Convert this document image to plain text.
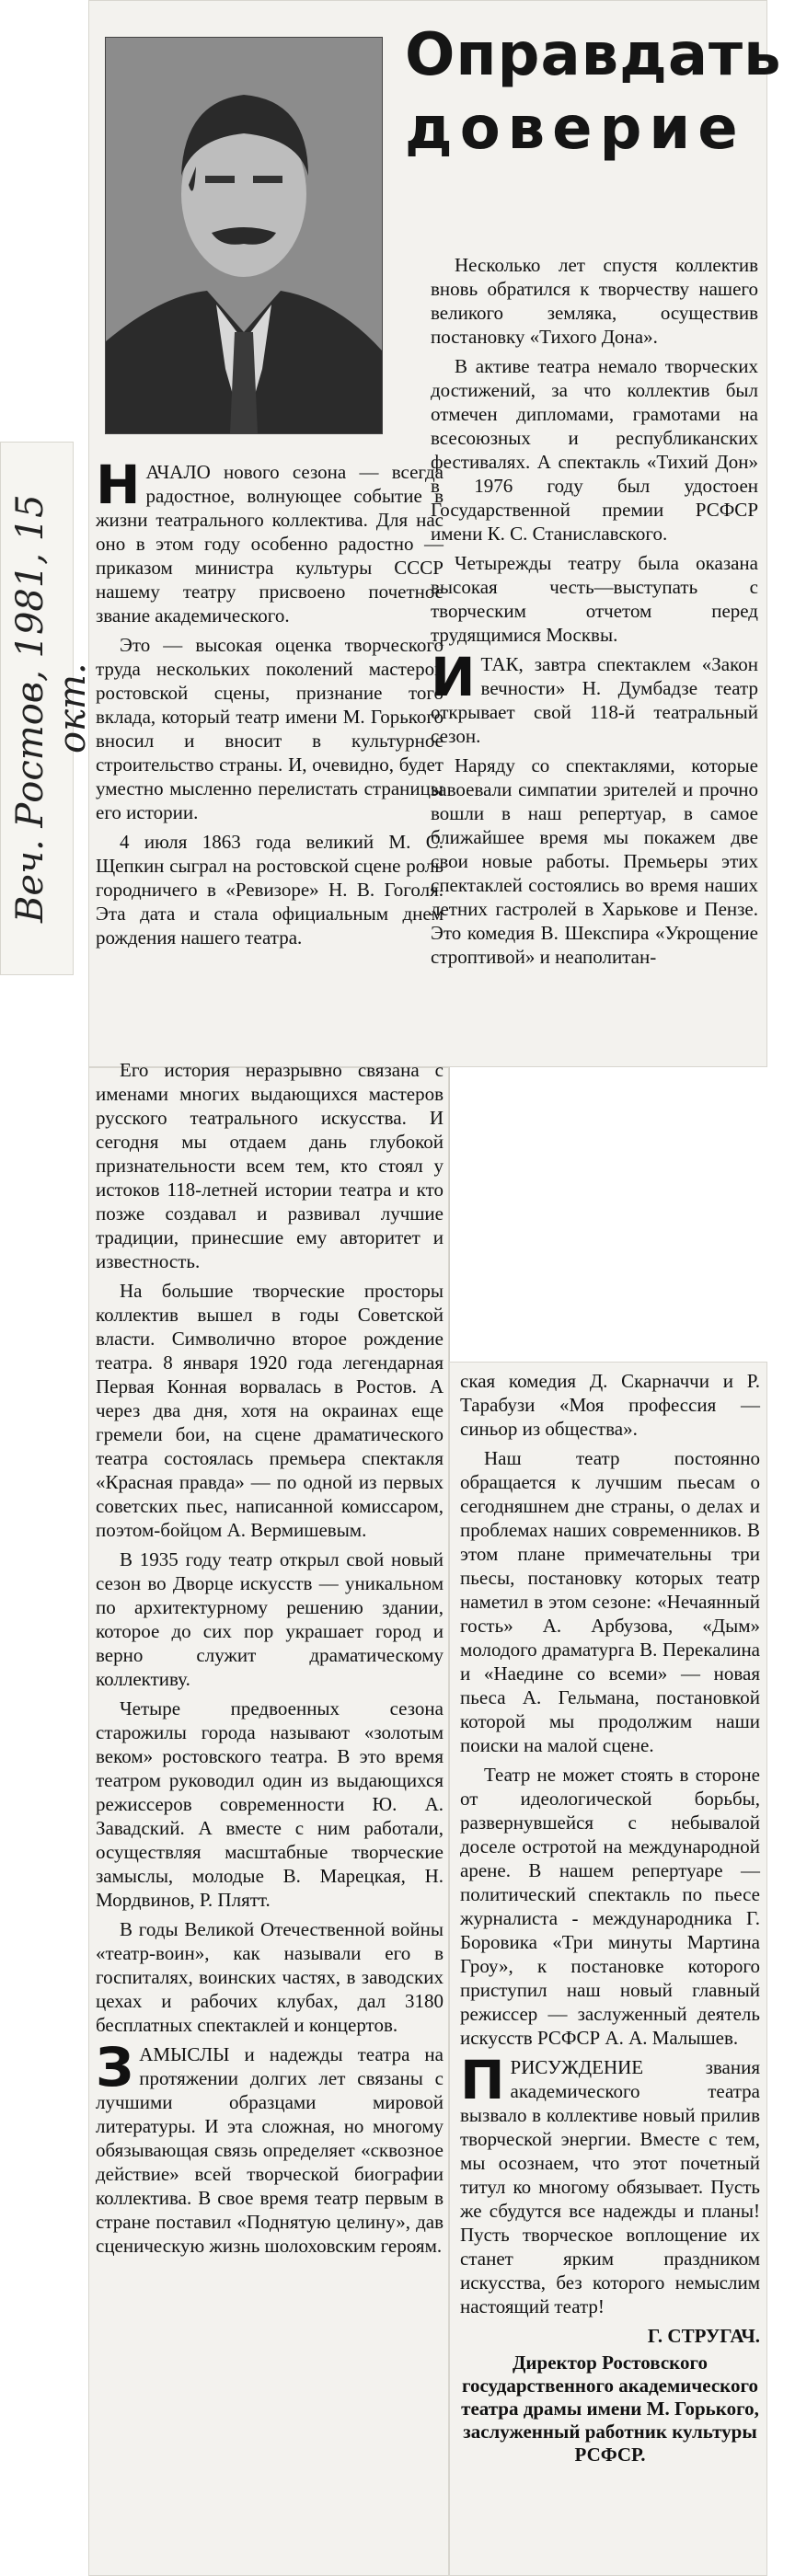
Веч. Ростов, 1981, 15 окт.
Оправдать
доверие

НАЧАЛО нового сезона — всегда радостное, волнующее событие в жизни театрального коллектива. Для нас оно в этом году особенно радостно — приказом министра культуры СССР нашему театру присвоено почетное звание академического.

Это — высокая оценка творческого труда нескольких поколений мастеров ростовской сцены, признание того вклада, который театр имени М. Горького вносил и вносит в культурное строительство страны. И, очевидно, будет уместно мысленно перелистать страницы его истории.

4 июля 1863 года великий М. С. Щепкин сыграл на ростовской сцене роль городничего в «Ревизоре» Н. В. Гоголя. Эта дата и стала официальным днем рождения нашего театра.

Несколько лет спустя коллектив вновь обратился к творчеству нашего великого земляка, осуществив постановку «Тихого Дона».

В активе театра немало творческих достижений, за что коллектив был отмечен дипломами, грамотами на всесоюзных и республиканских фестивалях. А спектакль «Тихий Дон» в 1976 году был удостоен Государственной премии РСФСР имени К. С. Станиславского.

Четырежды театру была оказана высокая честь—выступать с творческим отчетом перед трудящимися Москвы.

ИТАК, завтра спектаклем «Закон вечности» Н. Думбадзе театр открывает свой 118-й театральный сезон.

Наряду со спектаклями, которые завоевали симпатии зрителей и прочно вошли в наш репертуар, в самое ближайшее время мы покажем две свои новые работы. Премьеры этих спектаклей состоялись во время наших летних гастролей в Харькове и Пензе. Это комедия В. Шекспира «Укрощение строптивой» и неаполитан-

Его история неразрывно связана с именами многих выдающихся мастеров русского театрального искусства. И сегодня мы отдаем дань глубокой признательности всем тем, кто стоял у истоков 118-летней истории театра и кто позже создавал и развивал лучшие традиции, принесшие ему авторитет и известность.

На большие творческие просторы коллектив вышел в годы Советской власти. Символично второе рождение театра. 8 января 1920 года легендарная Первая Конная ворвалась в Ростов. А через два дня, хотя на окраинах еще гремели бои, на сцене драматического театра состоялась премьера спектакля «Красная правда» — по одной из первых советских пьес, написанной комиссаром, поэтом-бойцом А. Вермишевым.

В 1935 году театр открыл свой новый сезон во Дворце искусств — уникальном по архитектурному решению здании, которое до сих пор украшает город и верно служит драматическому коллективу.

Четыре предвоенных сезона старожилы города называют «золотым веком» ростовского театра. В это время театром руководил один из выдающихся режиссеров современности Ю. А. Завадский. А вместе с ним работали, осуществляя масштабные творческие замыслы, молодые В. Марецкая, Н. Мордвинов, Р. Плятт.

В годы Великой Отечественной войны «театр-воин», как называли его в госпиталях, воинских частях, в заводских цехах и рабочих клубах, дал 3180 бесплатных спектаклей и концертов.

ЗАМЫСЛЫ и надежды театра на протяжении долгих лет связаны с лучшими образцами мировой литературы. И эта сложная, но многому обязывающая связь определяет «сквозное действие» всей творческой биографии коллектива. В свое время театр первым в стране поставил «Поднятую целину», дав сценическую жизнь шолоховским героям.

ская комедия Д. Скарначчи и Р. Тарабузи «Моя профессия — синьор из общества».

Наш театр постоянно обращается к лучшим пьесам о сегодняшнем дне страны, о делах и проблемах наших современников. В этом плане примечательны три пьесы, постановку которых театр наметил в этом сезоне: «Нечаянный гость» А. Арбузова, «Дым» молодого драматурга В. Перекалина и «Наедине со всеми» — новая пьеса А. Гельмана, постановкой которой мы продолжим наши поиски на малой сцене.

Театр не может стоять в стороне от идеологической борьбы, развернувшейся с небывалой доселе остротой на международной арене. В нашем репертуаре — политический спектакль по пьесе журналиста - международника Г. Боровика «Три минуты Мартина Гроу», к постановке которого приступил наш новый главный режиссер — заслуженный деятель искусств РСФСР А. А. Малышев.

ПРИСУЖДЕНИЕ звания академического театра вызвало в коллективе новый прилив творческой энергии. Вместе с тем, мы осознаем, что этот почетный титул ко многому обязывает. Пусть же сбудутся все надежды и планы! Пусть творческое воплощение их станет ярким праздником искусства, без которого немыслим настоящий театр!

Г. СТРУГАЧ.
Директор Ростовского государственного академического театра драмы имени М. Горького, заслуженный работник культуры РСФСР.
